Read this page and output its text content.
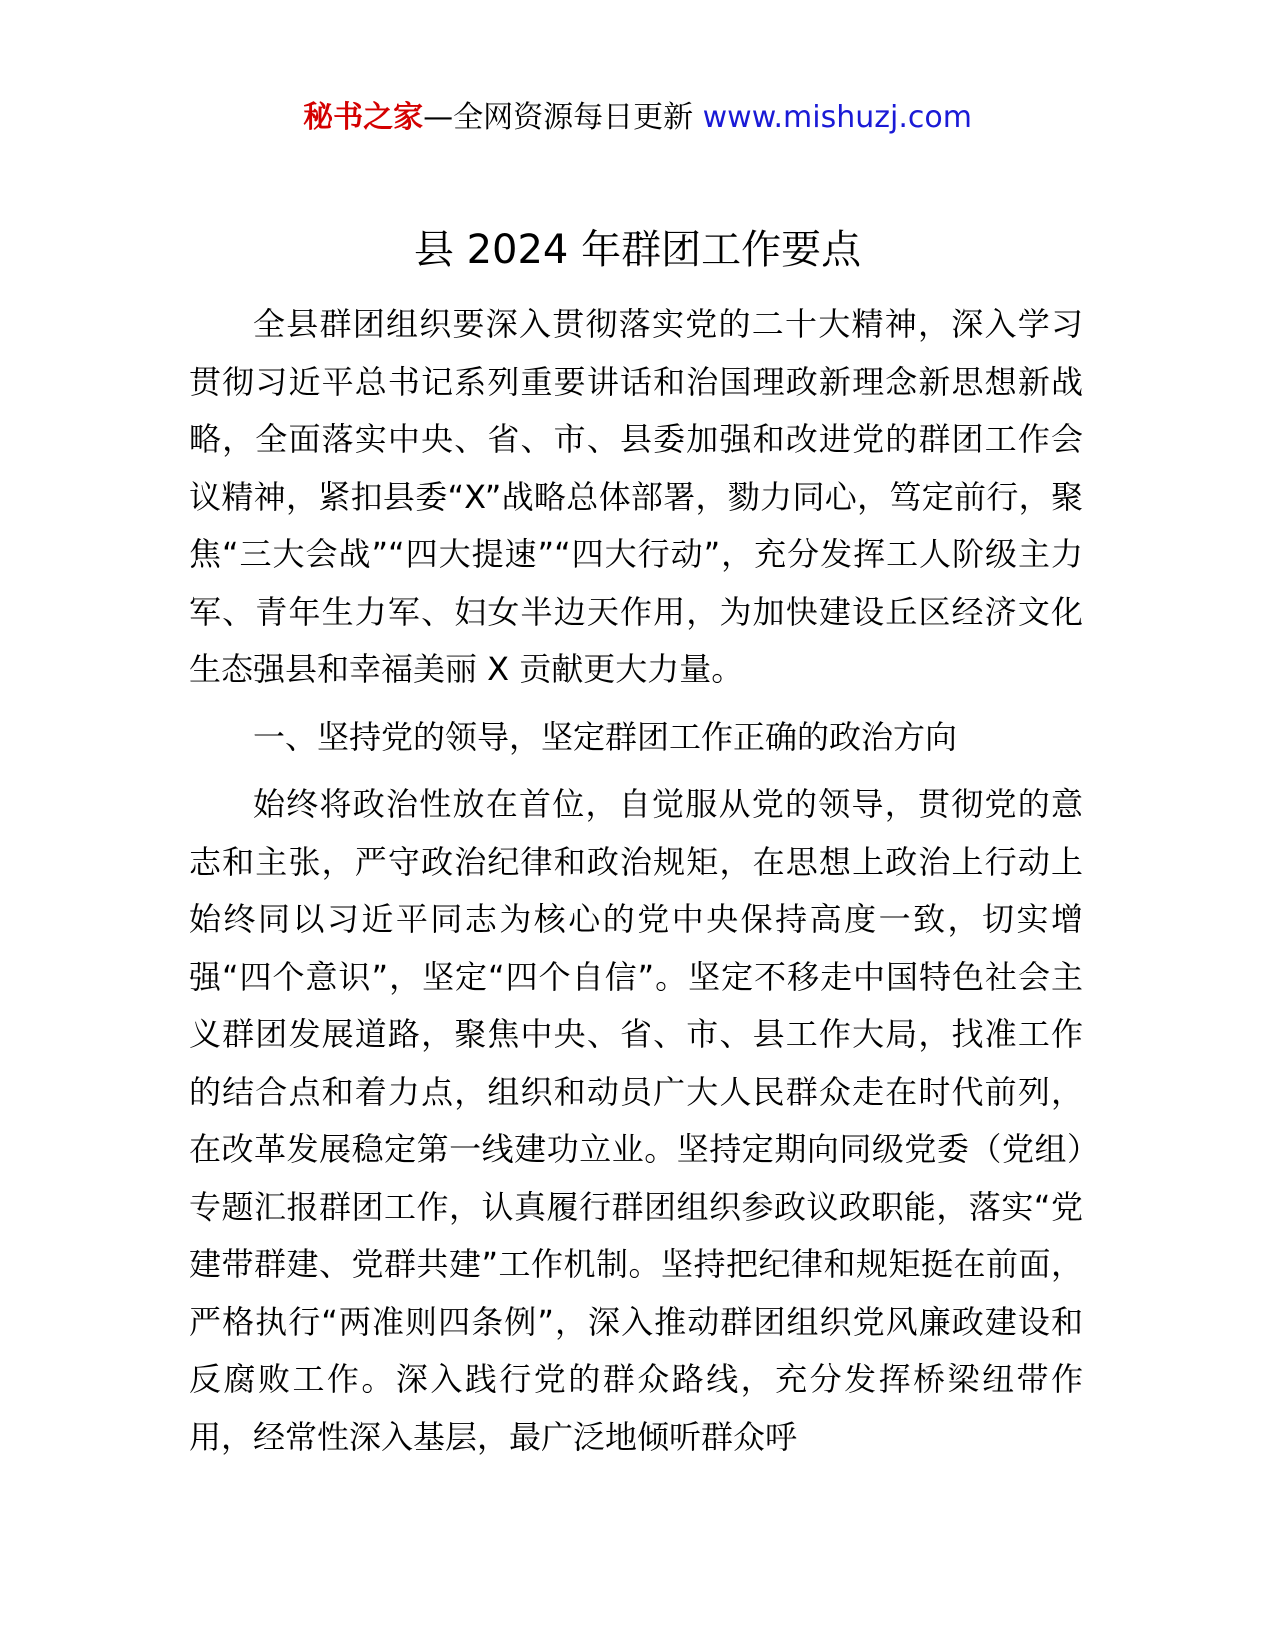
秘书之家—全网资源每日更新 www.mishuzj.com
县 2024 年群团工作要点

全县群团组织要深入贯彻落实党的二十大精神，深入学习贯彻习近平总书记系列重要讲话和治国理政新理念新思想新战略，全面落实中央、省、市、县委加强和改进党的群团工作会议精神，紧扣县委“X”战略总体部署，勠力同心，笃定前行，聚焦“三大会战”“四大提速”“四大行动”，充分发挥工人阶级主力军、青年生力军、妇女半边天作用，为加快建设丘区经济文化生态强县和幸福美丽 X 贡献更大力量。

一、坚持党的领导，坚定群团工作正确的政治方向

始终将政治性放在首位，自觉服从党的领导，贯彻党的意志和主张，严守政治纪律和政治规矩，在思想上政治上行动上始终同以习近平同志为核心的党中央保持高度一致，切实增强“四个意识”，坚定“四个自信”。坚定不移走中国特色社会主义群团发展道路，聚焦中央、省、市、县工作大局，找准工作的结合点和着力点，组织和动员广大人民群众走在时代前列，在改革发展稳定第一线建功立业。坚持定期向同级党委（党组）专题汇报群团工作，认真履行群团组织参政议政职能，落实“党建带群建、党群共建”工作机制。坚持把纪律和规矩挺在前面，严格执行“两准则四条例”，深入推动群团组织党风廉政建设和反腐败工作。深入践行党的群众路线，充分发挥桥梁纽带作用，经常性深入基层，最广泛地倾听群众呼
